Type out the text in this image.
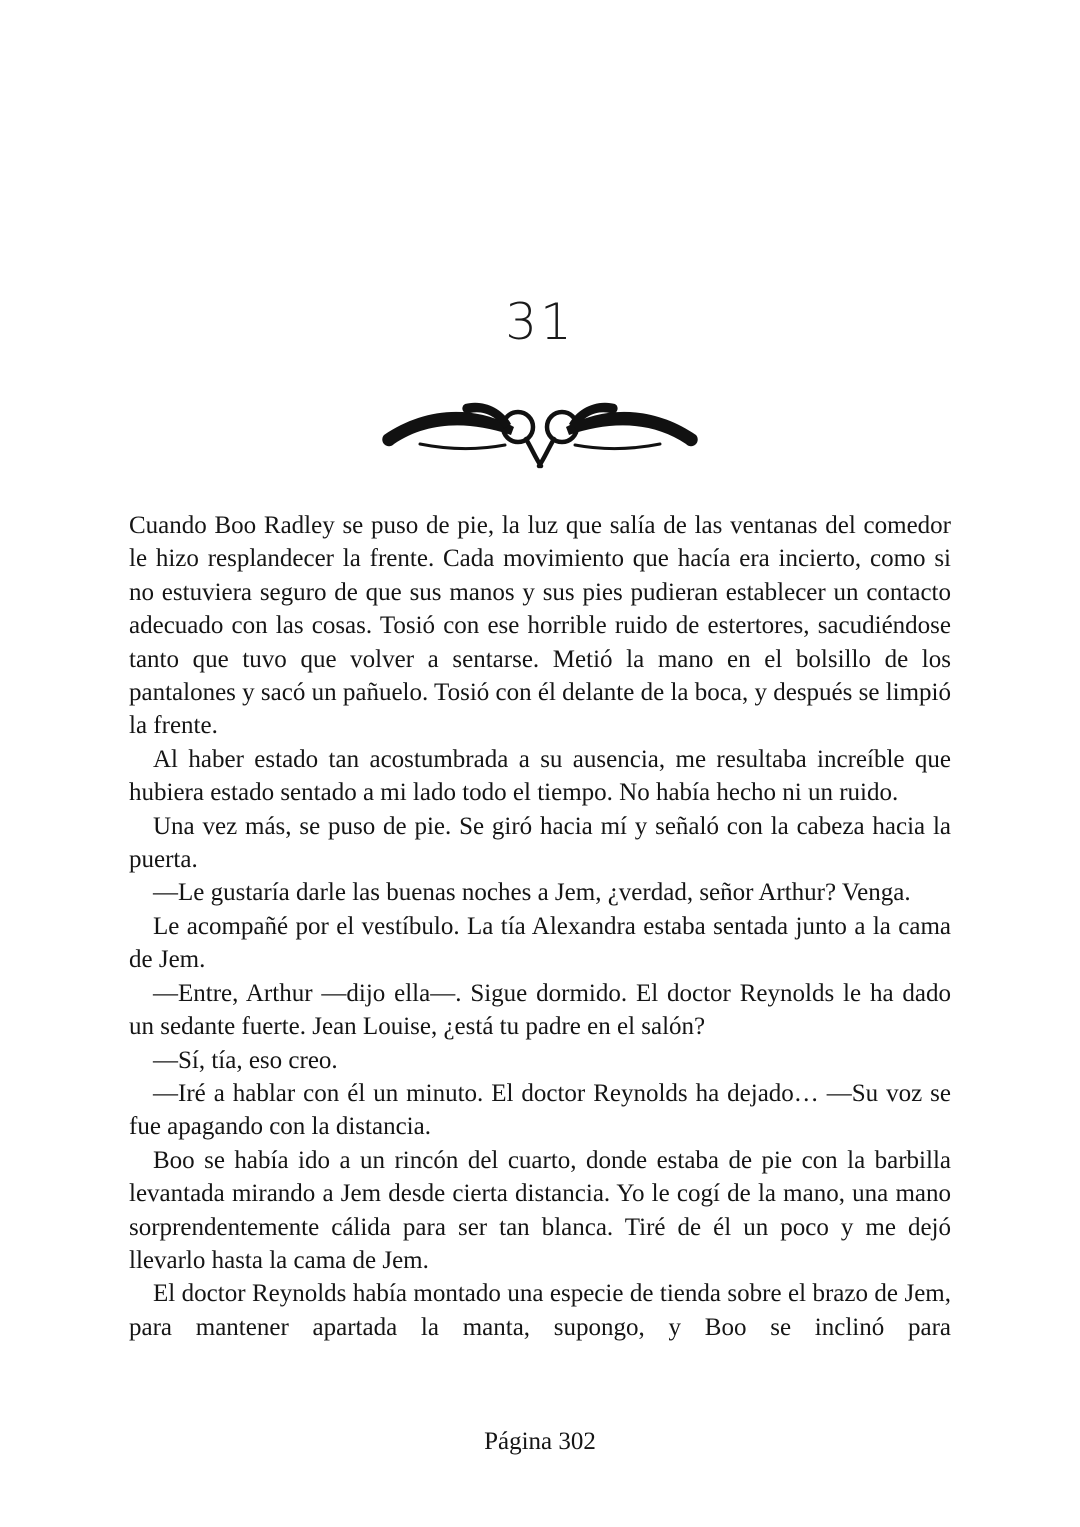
31

Cuando Boo Radley se puso de pie, la luz que salía de las ventanas del comedor le hizo resplandecer la frente. Cada movimiento que hacía era incierto, como si no estuviera seguro de que sus manos y sus pies pudieran establecer un contacto adecuado con las cosas. Tosió con ese horrible ruido de estertores, sacudiéndose tanto que tuvo que volver a sentarse. Metió la mano en el bolsillo de los pantalones y sacó un pañuelo. Tosió con él delante de la boca, y después se limpió la frente.

Al haber estado tan acostumbrada a su ausencia, me resultaba increíble que hubiera estado sentado a mi lado todo el tiempo. No había hecho ni un ruido.

Una vez más, se puso de pie. Se giró hacia mí y señaló con la cabeza hacia la puerta.

—Le gustaría darle las buenas noches a Jem, ¿verdad, señor Arthur? Venga.

Le acompañé por el vestíbulo. La tía Alexandra estaba sentada junto a la cama de Jem.

—Entre, Arthur —dijo ella—. Sigue dormido. El doctor Reynolds le ha dado un sedante fuerte. Jean Louise, ¿está tu padre en el salón?

—Sí, tía, eso creo.

—Iré a hablar con él un minuto. El doctor Reynolds ha dejado… —Su voz se fue apagando con la distancia.

Boo se había ido a un rincón del cuarto, donde estaba de pie con la barbilla levantada mirando a Jem desde cierta distancia. Yo le cogí de la mano, una mano sorprendentemente cálida para ser tan blanca. Tiré de él un poco y me dejó llevarlo hasta la cama de Jem.

El doctor Reynolds había montado una especie de tienda sobre el brazo de Jem, para mantener apartada la manta, supongo, y Boo se inclinó para

Página 302
